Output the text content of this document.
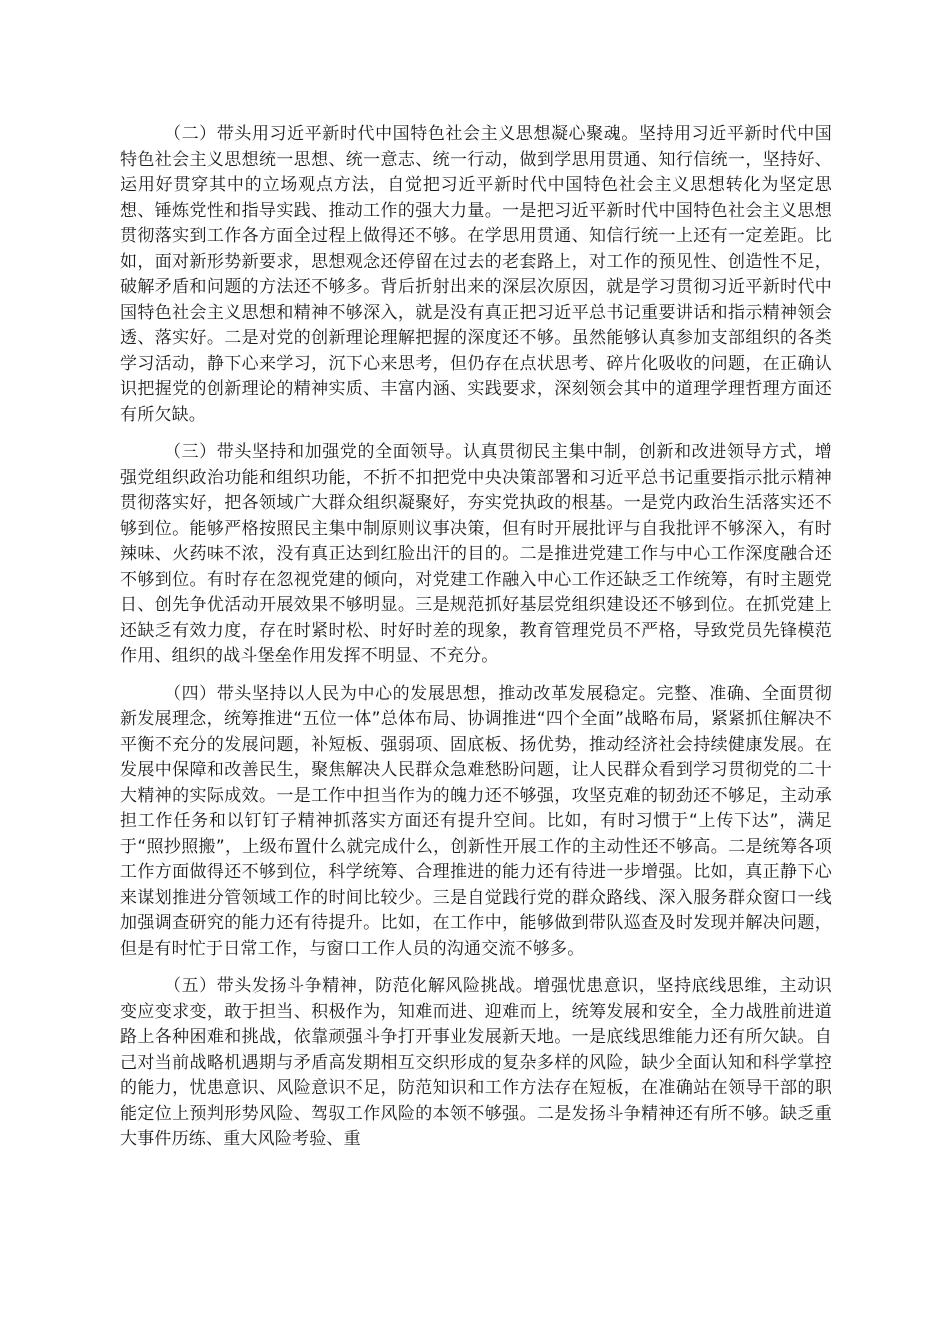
（二）带头用习近平新时代中国特色社会主义思想凝心聚魂。坚持用习近平新时代中国特色社会主义思想统一思想、统一意志、统一行动，做到学思用贯通、知行信统一，坚持好、运用好贯穿其中的立场观点方法，自觉把习近平新时代中国特色社会主义思想转化为坚定思想、锤炼党性和指导实践、推动工作的强大力量。一是把习近平新时代中国特色社会主义思想贯彻落实到工作各方面全过程上做得还不够。在学思用贯通、知信行统一上还有一定差距。比如，面对新形势新要求，思想观念还停留在过去的老套路上，对工作的预见性、创造性不足，破解矛盾和问题的方法还不够多。背后折射出来的深层次原因，就是学习贯彻习近平新时代中国特色社会主义思想和精神不够深入，就是没有真正把习近平总书记重要讲话和指示精神领会透、落实好。二是对党的创新理论理解把握的深度还不够。虽然能够认真参加支部组织的各类学习活动，静下心来学习，沉下心来思考，但仍存在点状思考、碎片化吸收的问题，在正确认识把握党的创新理论的精神实质、丰富内涵、实践要求，深刻领会其中的道理学理哲理方面还有所欠缺。

（三）带头坚持和加强党的全面领导。认真贯彻民主集中制，创新和改进领导方式，增强党组织政治功能和组织功能，不折不扣把党中央决策部署和习近平总书记重要指示批示精神贯彻落实好，把各领域广大群众组织凝聚好，夯实党执政的根基。一是党内政治生活落实还不够到位。能够严格按照民主集中制原则议事决策，但有时开展批评与自我批评不够深入，有时辣味、火药味不浓，没有真正达到红脸出汗的目的。二是推进党建工作与中心工作深度融合还不够到位。有时存在忽视党建的倾向，对党建工作融入中心工作还缺乏工作统筹，有时主题党日、创先争优活动开展效果不够明显。三是规范抓好基层党组织建设还不够到位。在抓党建上还缺乏有效力度，存在时紧时松、时好时差的现象，教育管理党员不严格，导致党员先锋模范作用、组织的战斗堡垒作用发挥不明显、不充分。

（四）带头坚持以人民为中心的发展思想，推动改革发展稳定。完整、准确、全面贯彻新发展理念，统筹推进“五位一体”总体布局、协调推进“四个全面”战略布局，紧紧抓住解决不平衡不充分的发展问题，补短板、强弱项、固底板、扬优势，推动经济社会持续健康发展。在发展中保障和改善民生，聚焦解决人民群众急难愁盼问题，让人民群众看到学习贯彻党的二十大精神的实际成效。一是工作中担当作为的魄力还不够强，攻坚克难的韧劲还不够足，主动承担工作任务和以钉钉子精神抓落实方面还有提升空间。比如，有时习惯于“上传下达”，满足于“照抄照搬”，上级布置什么就完成什么，创新性开展工作的主动性还不够高。二是统筹各项工作方面做得还不够到位，科学统筹、合理推进的能力还有待进一步增强。比如，真正静下心来谋划推进分管领域工作的时间比较少。三是自觉践行党的群众路线、深入服务群众窗口一线加强调查研究的能力还有待提升。比如，在工作中，能够做到带队巡查及时发现并解决问题，但是有时忙于日常工作，与窗口工作人员的沟通交流不够多。

（五）带头发扬斗争精神，防范化解风险挑战。增强忧患意识，坚持底线思维，主动识变应变求变，敢于担当、积极作为，知难而进、迎难而上，统筹发展和安全，全力战胜前进道路上各种困难和挑战，依靠顽强斗争打开事业发展新天地。一是底线思维能力还有所欠缺。自己对当前战略机遇期与矛盾高发期相互交织形成的复杂多样的风险，缺少全面认知和科学掌控的能力，忧患意识、风险意识不足，防范知识和工作方法存在短板，在准确站在领导干部的职能定位上预判形势风险、驾驭工作风险的本领不够强。二是发扬斗争精神还有所不够。缺乏重大事件历练、重大风险考验、重
